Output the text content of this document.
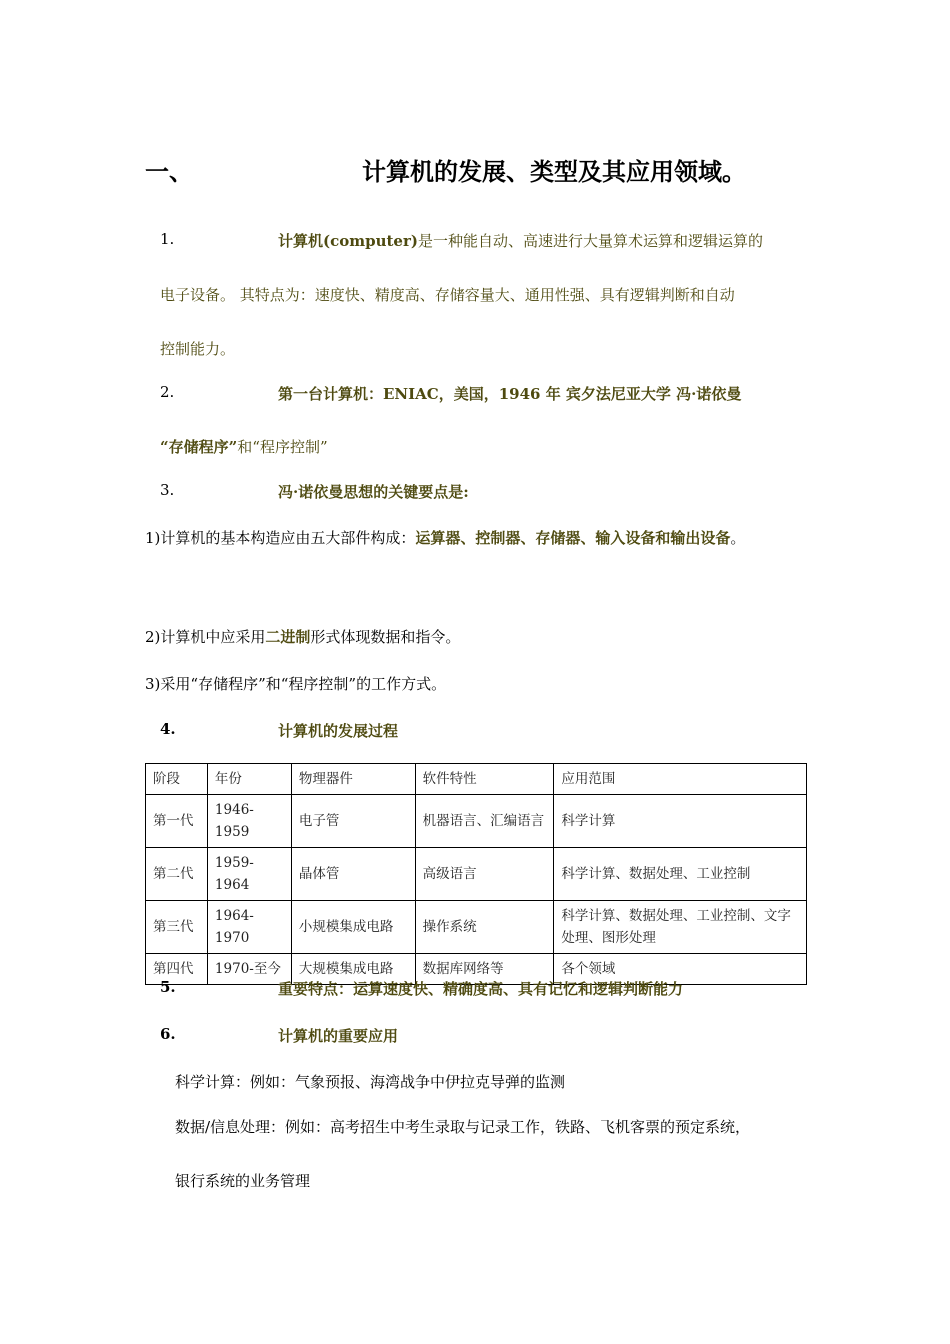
一、	计算机的发展、类型及其应用领域。
1.	计算机(computer)是一种能自动、高速进行大量算术运算和逻辑运算的
电子设备。 其特点为：速度快、精度高、存储容量大、通用性强、具有逻辑判断和自动
控制能力。
2.	第一台计算机：ENIAC，美国，1946 年 宾夕法尼亚大学 冯·诺依曼
“存储程序”和“程序控制”
3.	冯·诺依曼思想的关键要点是:
1)计算机的基本构造应由五大部件构成：运算器、控制器、存储器、输入设备和输出设备。
2)计算机中应采用二进制形式体现数据和指令。
3)采用“存储程序”和“程序控制”的工作方式。
4.	计算机的发展过程
阶段	年份	物理器件	软件特性	应用范围
第一代	1946-1959	电子管	机器语言、汇编语言	科学计算
第二代	1959-1964	晶体管	高级语言	科学计算、数据处理、工业控制
第三代	1964-1970	小规模集成电路	操作系统	科学计算、数据处理、工业控制、文字处理、图形处理
第四代	1970-至今	大规模集成电路	数据库网络等	各个领域
5.	重要特点：运算速度快、精确度高、具有记忆和逻辑判断能力
6.	计算机的重要应用
科学计算：例如：气象预报、海湾战争中伊拉克导弹的监测
数据/信息处理：例如：高考招生中考生录取与记录工作，铁路、飞机客票的预定系统，
银行系统的业务管理
